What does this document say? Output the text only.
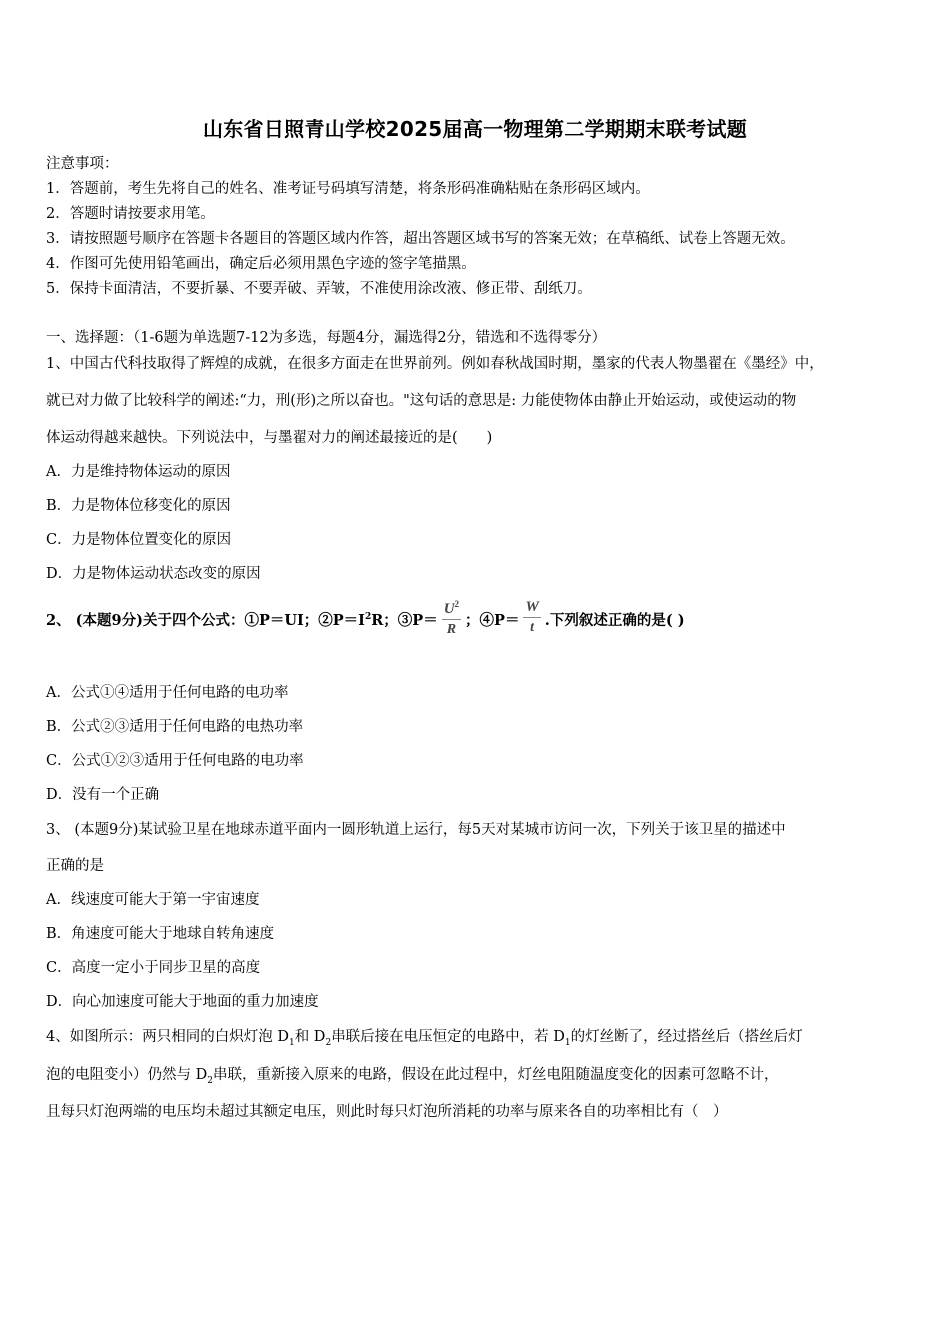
山东省日照青山学校2025届高一物理第二学期期末联考试题
注意事项：
1．答题前，考生先将自己的姓名、准考证号码填写清楚，将条形码准确粘贴在条形码区域内。
2．答题时请按要求用笔。
3．请按照题号顺序在答题卡各题目的答题区域内作答，超出答题区域书写的答案无效；在草稿纸、试卷上答题无效。
4．作图可先使用铅笔画出，确定后必须用黑色字迹的签字笔描黑。
5．保持卡面清洁，不要折暴、不要弄破、弄皱，不准使用涂改液、修正带、刮纸刀。
一、选择题：（1-6题为单选题7-12为多选，每题4分，漏选得2分，错选和不选得零分）
1、中国古代科技取得了辉煌的成就，在很多方面走在世界前列。例如春秋战国时期，墨家的代表人物墨翟在《墨经》中，
就已对力做了比较科学的阐述:“力，刑(形)之所以奋也。"这句话的意思是: 力能使物体由静止开始运动，或使运动的物
体运动得越来越快。下列说法中，与墨翟对力的阐述最接近的是(　　)
A．力是维持物体运动的原因
B．力是物体位移变化的原因
C．力是物体位置变化的原因
D．力是物体运动状态改变的原因
2、 (本题9分)关于四个公式：①P＝UI；$②P=I^2R$；③P＝ $\frac{U^2}{R}$ ；④P＝ $\frac{W}{t}$ .下列叙述正确的是( )
A．公式①④适用于任何电路的电功率
B．公式②③适用于任何电路的电热功率
C．公式①②③适用于任何电路的电功率
D．没有一个正确
3、 (本题9分)某试验卫星在地球赤道平面内一圆形轨道上运行，每5天对某城市访问一次，下列关于该卫星的描述中
正确的是
A．线速度可能大于第一宇宙速度
B．角速度可能大于地球自转角速度
C．高度一定小于同步卫星的高度
D．向心加速度可能大于地面的重力加速度
4、如图所示：两只相同的白炽灯泡 $D_1$和 $D_2$串联后接在电压恒定的电路中，若 $D_1$的灯丝断了，经过搭丝后（搭丝后灯
泡的电阻变小）仍然与 $D_2$串联，重新接入原来的电路，假设在此过程中，灯丝电阻随温度变化的因素可忽略不计，
且每只灯泡两端的电压均未超过其额定电压，则此时每只灯泡所消耗的功率与原来各自的功率相比有（　）
